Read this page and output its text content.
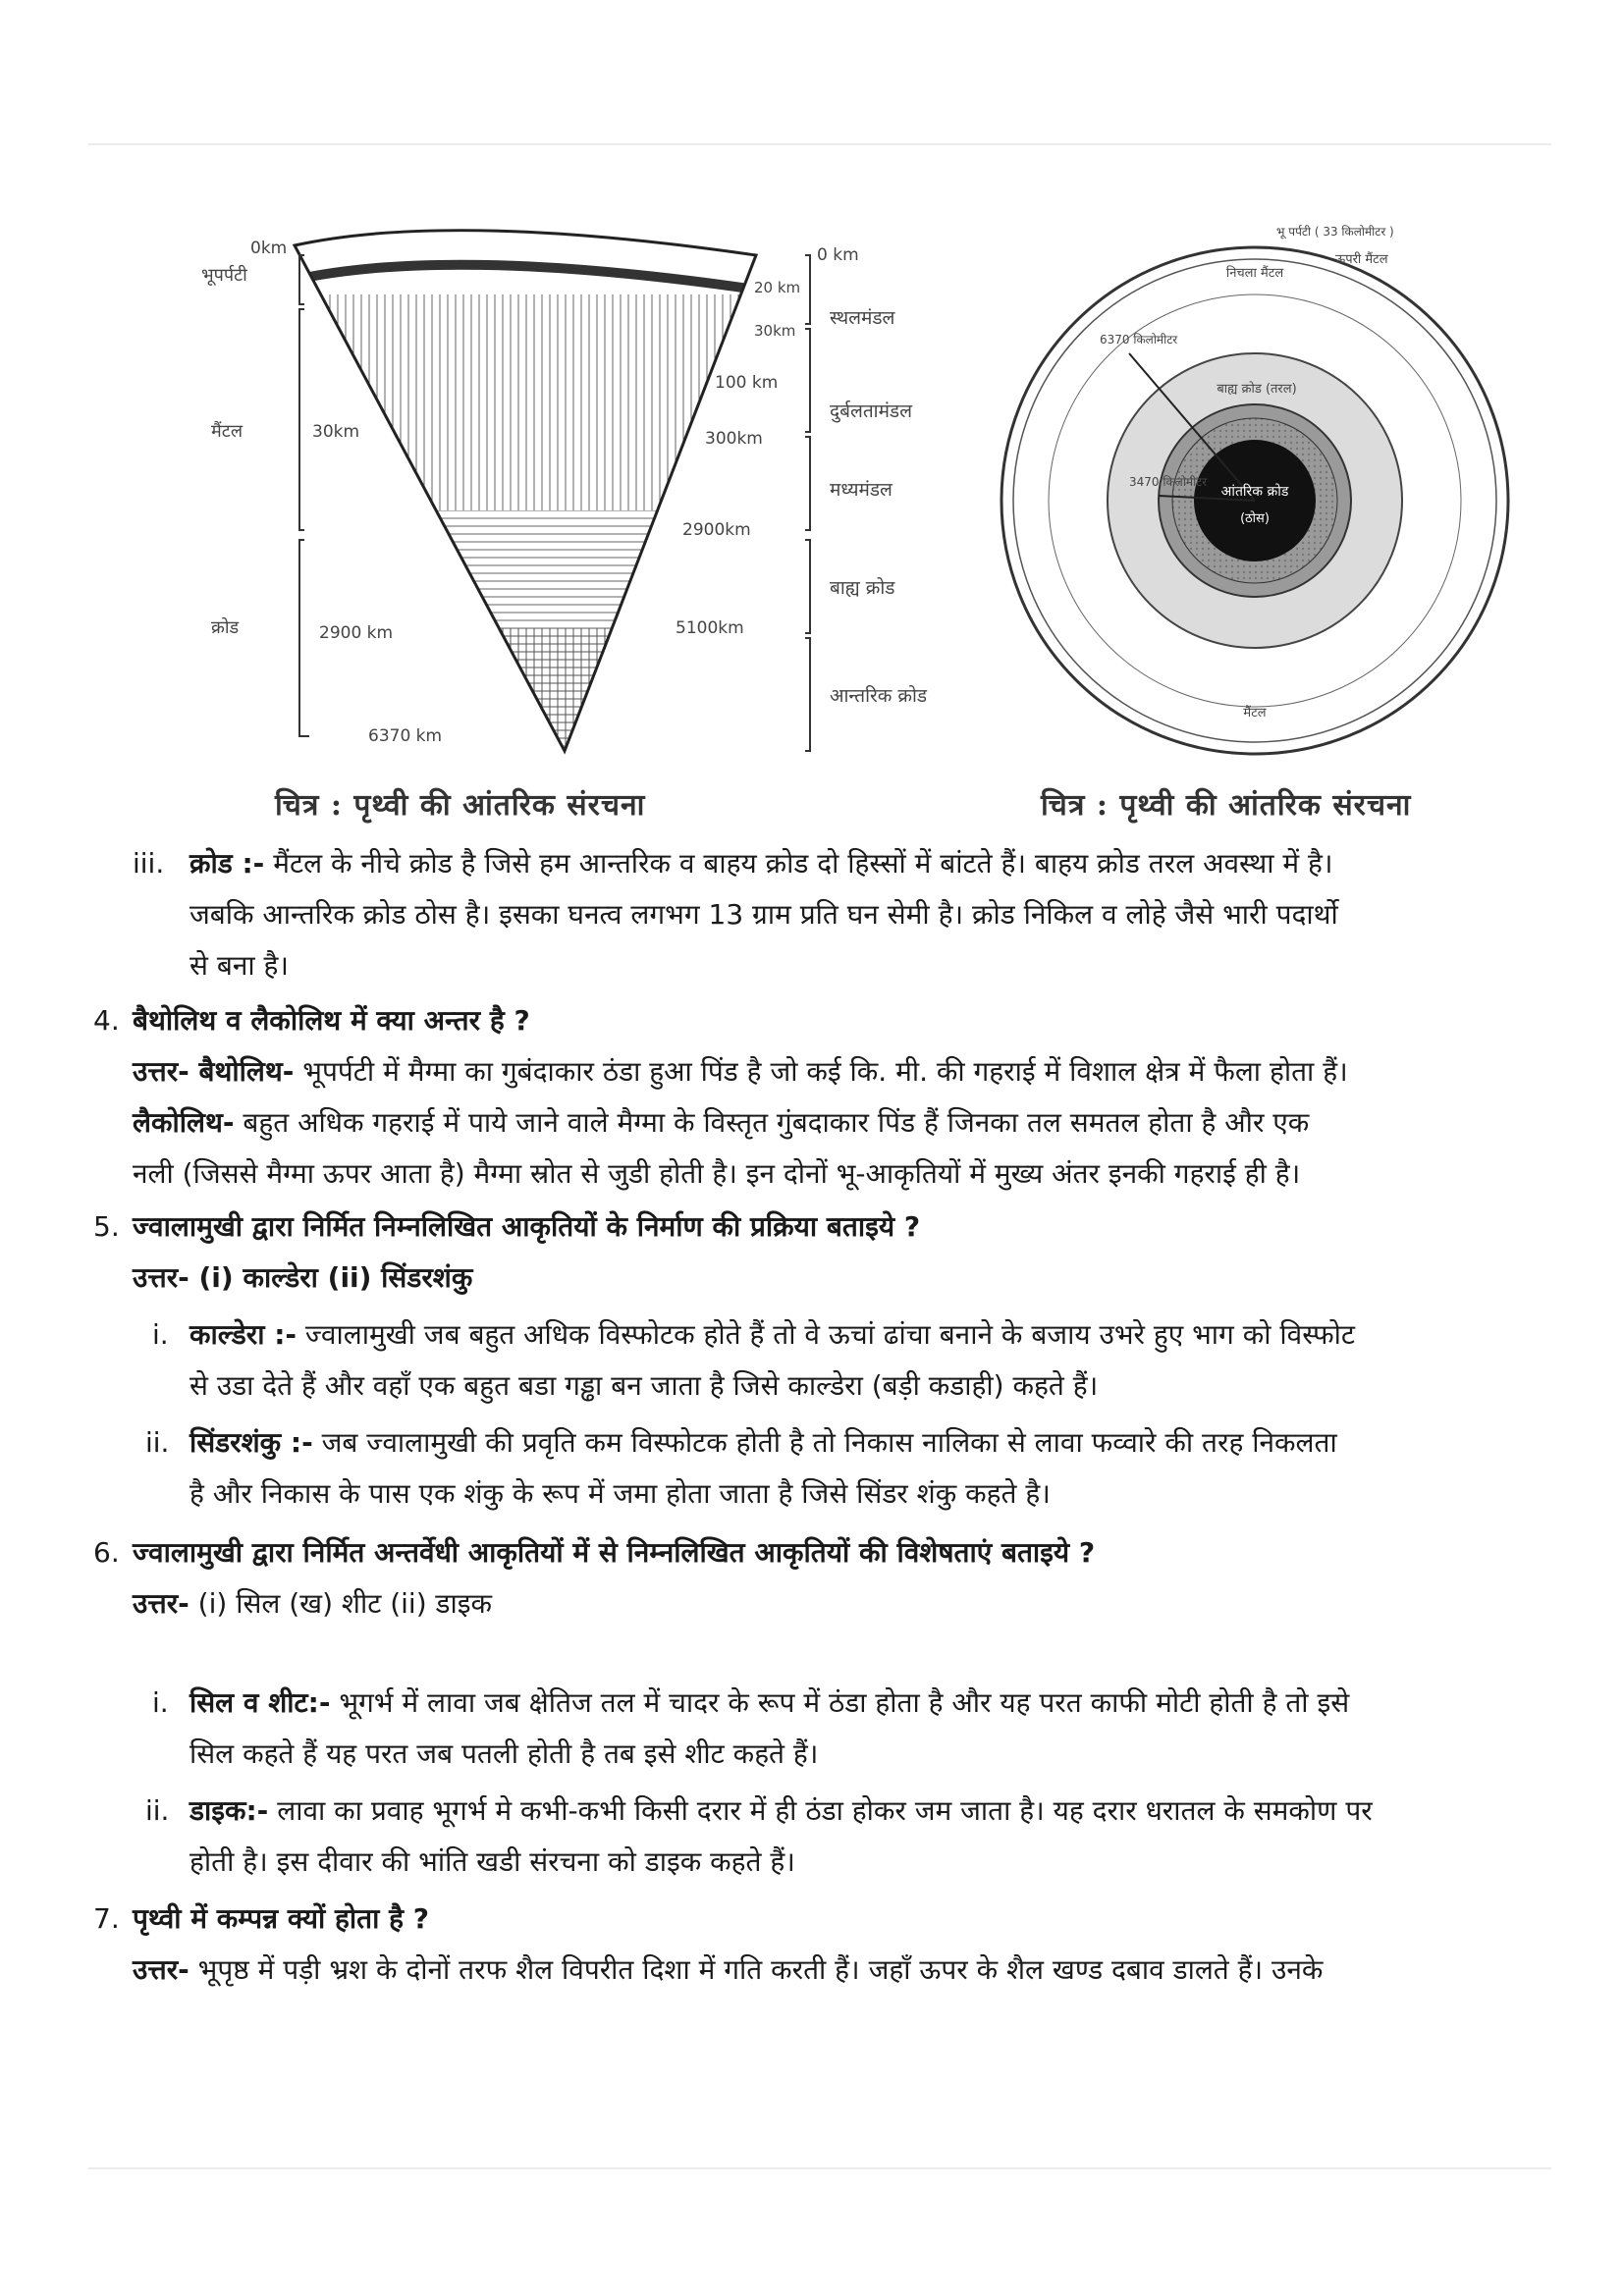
0km
भूपर्पटी
मैंटल	30km
क्रोड	2900 km
6370 km
20 km
30km
100 km
300km
2900km
5100km
0 km
स्थलमंडल
दुर्बलतामंडल
मध्यमंडल
बाह्य क्रोड
आन्तरिक क्रोड
आंतरिक क्रोड
(ठोस)
बाह्य क्रोड (तरल)
3470 किलोमीटर
6370 किलोमीटर
निचला मैंटल
ऊपरी मैंटल
भू पर्पटी ( 33 किलोमीटर )
मैंटल
चित्र : पृथ्वी की आंतरिक संरचना	चित्र : पृथ्वी की आंतरिक संरचना
iii. क्रोड :- मैंटल के नीचे क्रोड है जिसे हम आन्तरिक व बाहय क्रोड दो हिस्सों में बांटते हैं। बाहय क्रोड तरल अवस्था में है।
जबकि आन्तरिक क्रोड ठोस है। इसका घनत्व लगभग 13 ग्राम प्रति घन सेमी है। क्रोड निकिल व लोहे जैसे भारी पदार्थो
से बना है।
4. बैथोलिथ व लैकोलिथ में क्या अन्तर है ?
उत्तर- बैथोलिथ- भूपर्पटी में मैग्मा का गुबंदाकार ठंडा हुआ पिंड है जो कई कि. मी. की गहराई में विशाल क्षेत्र में फैला होता हैं।
लैकोलिथ- बहुत अधिक गहराई में पाये जाने वाले मैग्मा के विस्तृत गुंबदाकार पिंड हैं जिनका तल समतल होता है और एक
नली (जिससे मैग्मा ऊपर आता है) मैग्मा स्रोत से जुडी होती है। इन दोनों भू-आकृतियों में मुख्य अंतर इनकी गहराई ही है।
5. ज्वालामुखी द्वारा निर्मित निम्नलिखित आकृतियों के निर्माण की प्रक्रिया बताइये ?
उत्तर- (i) काल्डेरा (ii) सिंडरशंकु
i. काल्डेरा :- ज्वालामुखी जब बहुत अधिक विस्फोटक होते हैं तो वे ऊचां ढांचा बनाने के बजाय उभरे हुए भाग को विस्फोट
से उडा देते हैं और वहाँ एक बहुत बडा गड्ढा बन जाता है जिसे काल्डेरा (बड़ी कडाही) कहते हैं।
ii. सिंडरशंकु :- जब ज्वालामुखी की प्रवृति कम विस्फोटक होती है तो निकास नालिका से लावा फव्वारे की तरह निकलता
है और निकास के पास एक शंकु के रूप में जमा होता जाता है जिसे सिंडर शंकु कहते है।
6. ज्वालामुखी द्वारा निर्मित अन्तर्वेधी आकृतियों में से निम्नलिखित आकृतियों की विशेषताएं बताइये ?
उत्तर- (i) सिल (ख) शीट (ii) डाइक
i. सिल व शीट:- भूगर्भ में लावा जब क्षेतिज तल में चादर के रूप में ठंडा होता है और यह परत काफी मोटी होती है तो इसे
सिल कहते हैं यह परत जब पतली होती है तब इसे शीट कहते हैं।
ii. डाइक:- लावा का प्रवाह भूगर्भ मे कभी-कभी किसी दरार में ही ठंडा होकर जम जाता है। यह दरार धरातल के समकोण पर
होती है। इस दीवार की भांति खडी संरचना को डाइक कहते हैं।
7. पृथ्वी में कम्पन्न क्यों होता है ?
उत्तर- भूपृष्ठ में पड़ी भ्रश के दोनों तरफ शैल विपरीत दिशा में गति करती हैं। जहाँ ऊपर के शैल खण्ड दबाव डालते हैं। उनके
